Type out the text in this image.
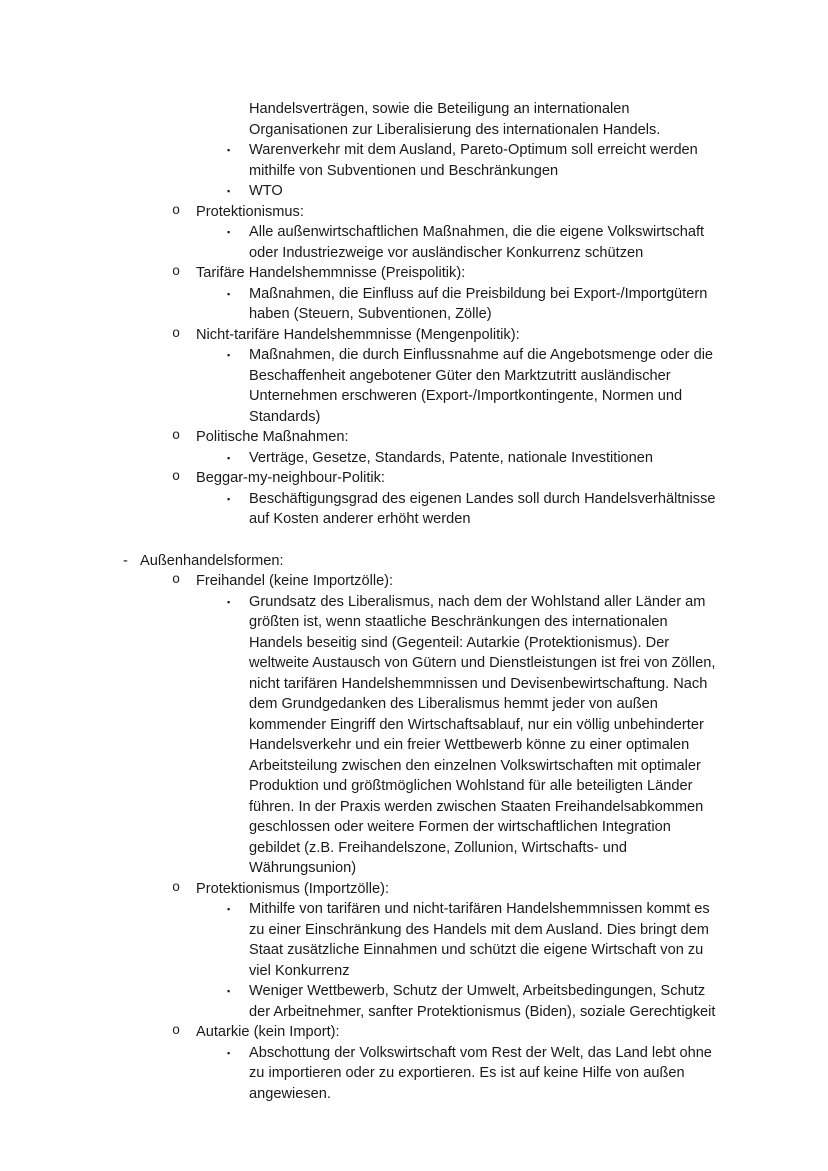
Handelsverträgen, sowie die Beteiligung an internationalen Organisationen zur Liberalisierung des internationalen Handels.
▪ Warenverkehr mit dem Ausland, Pareto-Optimum soll erreicht werden mithilfe von Subventionen und Beschränkungen
▪ WTO
o Protektionismus:
▪ Alle außenwirtschaftlichen Maßnahmen, die die eigene Volkswirtschaft oder Industriezweige vor ausländischer Konkurrenz schützen
o Tarifäre Handelshemmnisse (Preispolitik):
▪ Maßnahmen, die Einfluss auf die Preisbildung bei Export-/Importgütern haben (Steuern, Subventionen, Zölle)
o Nicht-tarifäre Handelshemmnisse (Mengenpolitik):
▪ Maßnahmen, die durch Einflussnahme auf die Angebotsmenge oder die Beschaffenheit angebotener Güter den Marktzutritt ausländischer Unternehmen erschweren (Export-/Importkontingente, Normen und Standards)
o Politische Maßnahmen:
▪ Verträge, Gesetze, Standards, Patente, nationale Investitionen
o Beggar-my-neighbour-Politik:
▪ Beschäftigungsgrad des eigenen Landes soll durch Handelsverhältnisse auf Kosten anderer erhöht werden
- Außenhandelsformen:
o Freihandel (keine Importzölle):
▪ Grundsatz des Liberalismus, nach dem der Wohlstand aller Länder am größten ist, wenn staatliche Beschränkungen des internationalen Handels beseitig sind (Gegenteil: Autarkie (Protektionismus). Der weltweite Austausch von Gütern und Dienstleistungen ist frei von Zöllen, nicht tarifären Handelshemmnissen und Devisenbewirtschaftung. Nach dem Grundgedanken des Liberalismus hemmt jeder von außen kommender Eingriff den Wirtschaftsablauf, nur ein völlig unbehinderter Handelsverkehr und ein freier Wettbewerb könne zu einer optimalen Arbeitsteilung zwischen den einzelnen Volkswirtschaften mit optimaler Produktion und größtmöglichen Wohlstand für alle beteiligten Länder führen. In der Praxis werden zwischen Staaten Freihandelsabkommen geschlossen oder weitere Formen der wirtschaftlichen Integration gebildet (z.B. Freihandelszone, Zollunion, Wirtschafts- und Währungsunion)
o Protektionismus (Importzölle):
▪ Mithilfe von tarifären und nicht-tarifären Handelshemmnissen kommt es zu einer Einschränkung des Handels mit dem Ausland. Dies bringt dem Staat zusätzliche Einnahmen und schützt die eigene Wirtschaft von zu viel Konkurrenz
▪ Weniger Wettbewerb, Schutz der Umwelt, Arbeitsbedingungen, Schutz der Arbeitnehmer, sanfter Protektionismus (Biden), soziale Gerechtigkeit
o Autarkie (kein Import):
▪ Abschottung der Volkswirtschaft vom Rest der Welt, das Land lebt ohne zu importieren oder zu exportieren. Es ist auf keine Hilfe von außen angewiesen.
